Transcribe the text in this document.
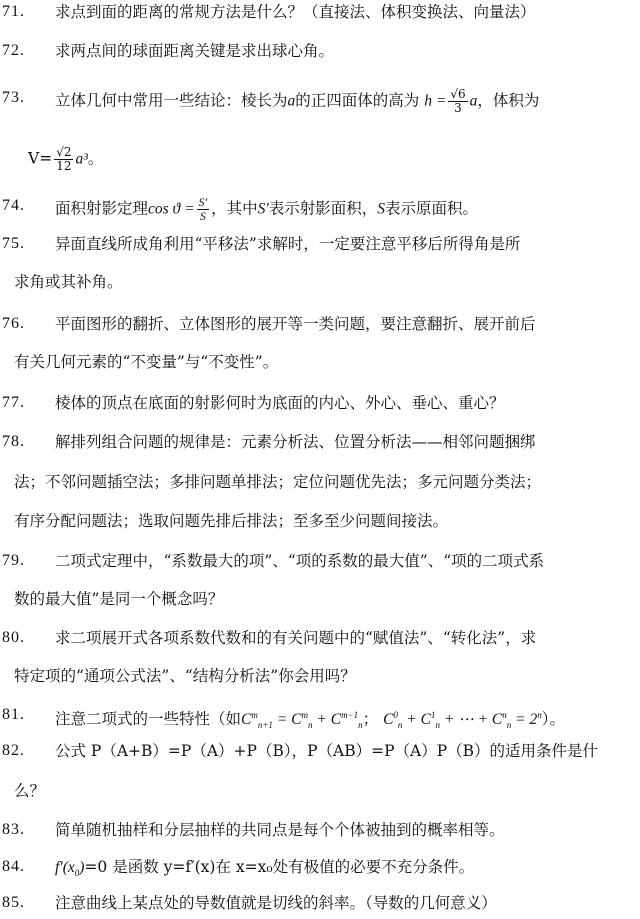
71. 求点到面的距离的常规方法是什么？（直接法、体积变换法、向量法）
72. 求两点间的球面距离关键是求出球心角。
73. 立体几何中常用一些结论：棱长为a的正四面体的高为 $h = \frac{√6}{3}$ a，体积为
$V= \frac{√2}{12} a^3$。
74. 面积射影定理$\cos ϑ = \frac{S'}{S}$ ，其中S′表示射影面积，S表示原面积。
75. 异面直线所成角利用“平移法”求解时，一定要注意平移后所得角是所
求角或其补角。
76. 平面图形的翻折、立体图形的展开等一类问题，要注意翻折、展开前后
有关几何元素的“不变量”与“不变性”。
77. 棱体的顶点在底面的射影何时为底面的内心、外心、垂心、重心？
78. 解排列组合问题的规律是：元素分析法、位置分析法——相邻问题捆绑
法；不邻问题插空法；多排问题单排法；定位问题优先法；多元问题分类法；
有序分配问题法；选取问题先排后排法；至多至少问题间接法。
79. 二项式定理中，“系数最大的项”、“项的系数的最大值”、“项的二项式系
数的最大值”是同一个概念吗？
80. 求二项展开式各项系数代数和的有关问题中的“赋值法”、“转化法”，求
特定项的“通项公式法”、“结构分析法”你会用吗？
81. 注意二项式的一些特性（如$C^m_{n+1} = C^m_n + C^{m-1}_n$； $C^0_n + C^1_n$ + ⋯ + $C^n_n = 2^n$）。
82. 公式 P（A+B）=P（A）+P（B），P（AB）=P（A）P（B）的适用条件是什
么？
83. 简单随机抽样和分层抽样的共同点是每个个体被抽到的概率相等。
84. $f'(x_0)=0$ 是函数 y=f′(x)在 x=x₀处有极值的必要不充分条件。
85. 注意曲线上某点处的导数值就是切线的斜率。（导数的几何意义）
